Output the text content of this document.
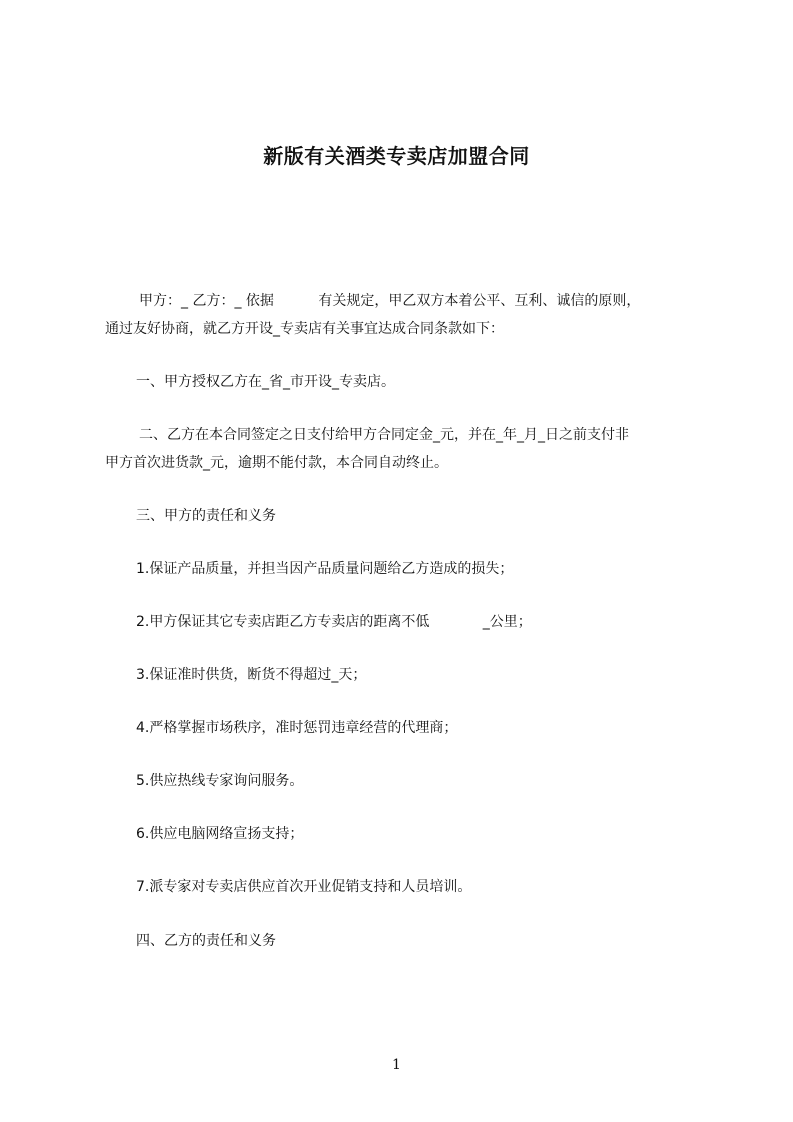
新版有关酒类专卖店加盟合同
甲方：_ 乙方：_ 依据          有关规定，甲乙双方本着公平、互利、诚信的原则，
通过友好协商，就乙方开设_专卖店有关事宜达成合同条款如下：
一、甲方授权乙方在_省_市开设_专卖店。
二、乙方在本合同签定之日支付给甲方合同定金_元，并在_年_月_日之前支付非
甲方首次进货款_元，逾期不能付款，本合同自动终止。
三、甲方的责任和义务
1.保证产品质量，并担当因产品质量问题给乙方造成的损失；
2.甲方保证其它专卖店距乙方专卖店的距离不低            _公里；
3.保证准时供货，断货不得超过_天；
4.严格掌握市场秩序，准时惩罚违章经营的代理商；
5.供应热线专家询问服务。
6.供应电脑网络宣扬支持；
7.派专家对专卖店供应首次开业促销支持和人员培训。
四、乙方的责任和义务
1
